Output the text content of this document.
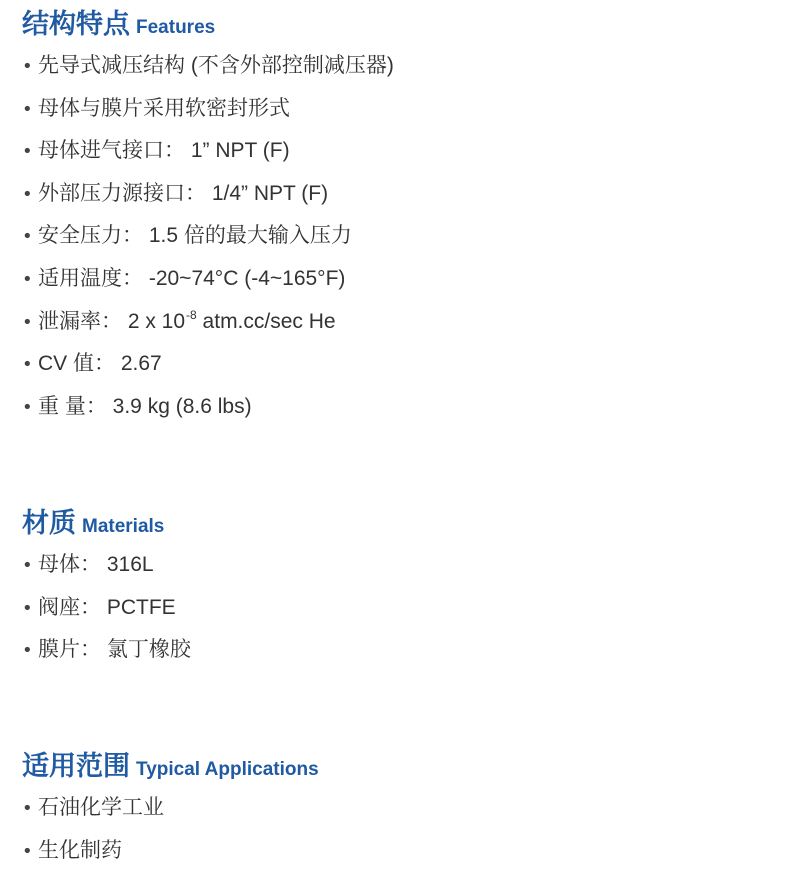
结构特点 Features
• 先导式减压结构 (不含外部控制减压器)
• 母体与膜片采用软密封形式
• 母体进气接口： 1” NPT (F)
• 外部压力源接口： 1/4” NPT (F)
• 安全压力： 1.5 倍的最大输入压力
• 适用温度： -20~74°C (-4~165°F)
• 泄漏率： 2 x $10^{-8}$ atm.cc/sec He
• CV 值： 2.67
• 重 量： 3.9 kg (8.6 lbs)
材质 Materials
• 母体： 316L
• 阀座： PCTFE
• 膜片： 氯丁橡胶
适用范围 Typical Applications
• 石油化学工业
• 生化制药
